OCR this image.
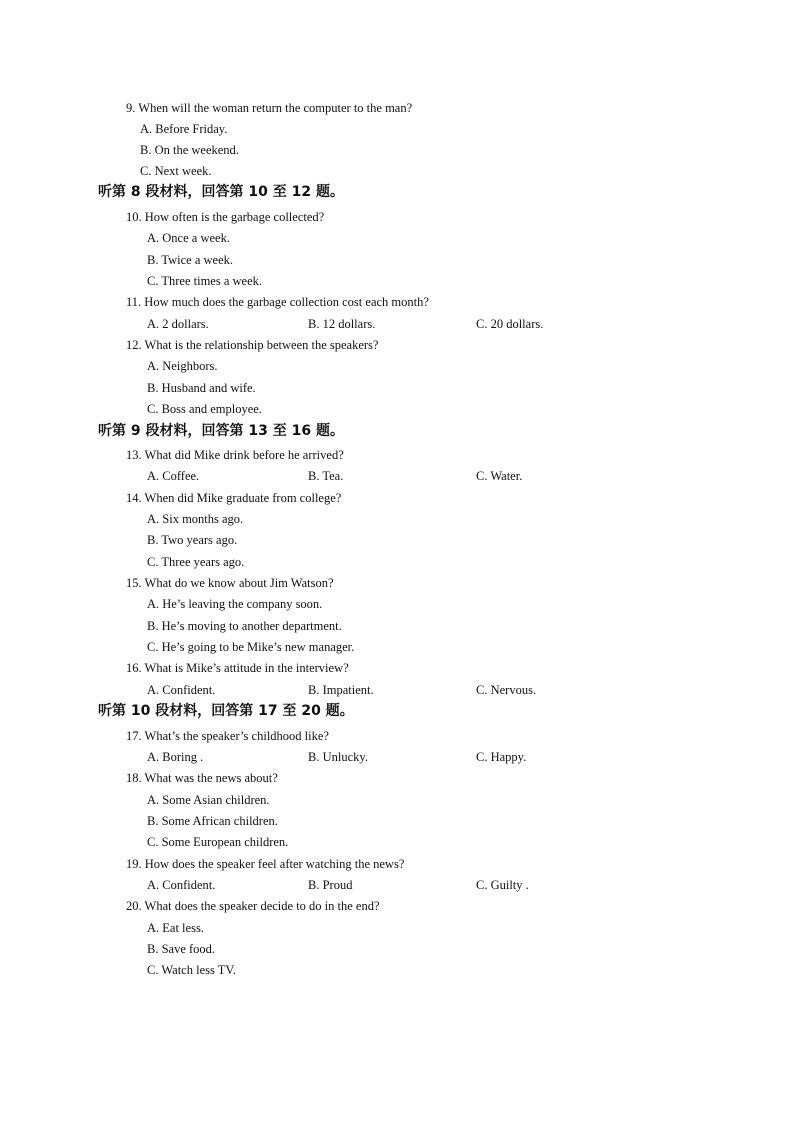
9. When will the woman return the computer to the man?
A. Before Friday.
B. On the weekend.
C. Next week.
听第 8 段材料，回答第 10 至 12 题。
10. How often is the garbage collected?
A. Once a week.
B. Twice a week.
C. Three times a week.
11. How much does the garbage collection cost each month?
A. 2 dollars.	B. 12 dollars.	C. 20 dollars.
12. What is the relationship between the speakers?
A. Neighbors.
B. Husband and wife.
C. Boss and employee.
听第 9 段材料，回答第 13 至 16 题。
13. What did Mike drink before he arrived?
A. Coffee.	B. Tea.	C. Water.
14. When did Mike graduate from college?
A. Six months ago.
B. Two years ago.
C. Three years ago.
15. What do we know about Jim Watson?
A. He’s leaving the company soon.
B. He’s moving to another department.
C. He’s going to be Mike’s new manager.
16. What is Mike’s attitude in the interview?
A. Confident.	B. Impatient.	C. Nervous.
听第 10 段材料，回答第 17 至 20 题。
17. What’s the speaker’s childhood like?
A. Boring .	B. Unlucky.	C. Happy.
18. What was the news about?
A. Some Asian children.
B. Some African children.
C. Some European children.
19. How does the speaker feel after watching the news?
A. Confident.	B. Proud	C. Guilty .
20. What does the speaker decide to do in the end?
A. Eat less.
B. Save food.
C. Watch less TV.
